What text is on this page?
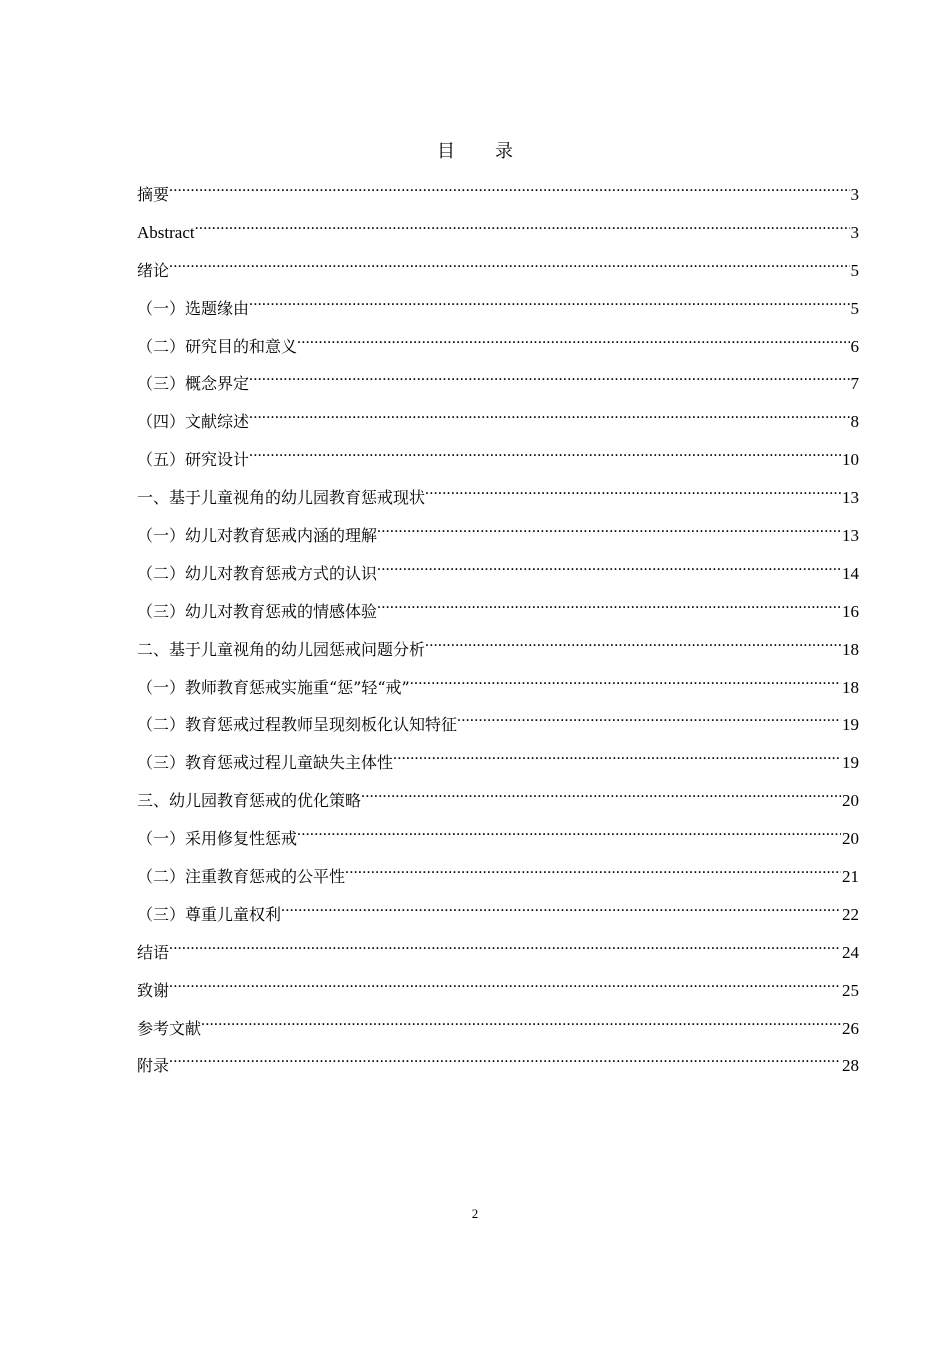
目 录
摘要 .....	3
Abstract .....	3
绪论 .....	5
（一）选题缘由 .....	5
（二）研究目的和意义 .....	6
（三）概念界定 .....	7
（四）文献综述 .....	8
（五）研究设计 .....	10
一、基于儿童视角的幼儿园教育惩戒现状 .....	13
（一）幼儿对教育惩戒内涵的理解 .....	13
（二）幼儿对教育惩戒方式的认识 .....	14
（三）幼儿对教育惩戒的情感体验 .....	16
二、基于儿童视角的幼儿园惩戒问题分析 .....	18
（一）教师教育惩戒实施重“惩”轻“戒” .....	18
（二）教育惩戒过程教师呈现刻板化认知特征 .....	19
（三）教育惩戒过程儿童缺失主体性 .....	19
三、幼儿园教育惩戒的优化策略 .....	20
（一）采用修复性惩戒 .....	20
（二）注重教育惩戒的公平性 .....	21
（三）尊重儿童权利 .....	22
结语 .....	24
致谢 .....	25
参考文献 .....	26
附录 .....	28
2
